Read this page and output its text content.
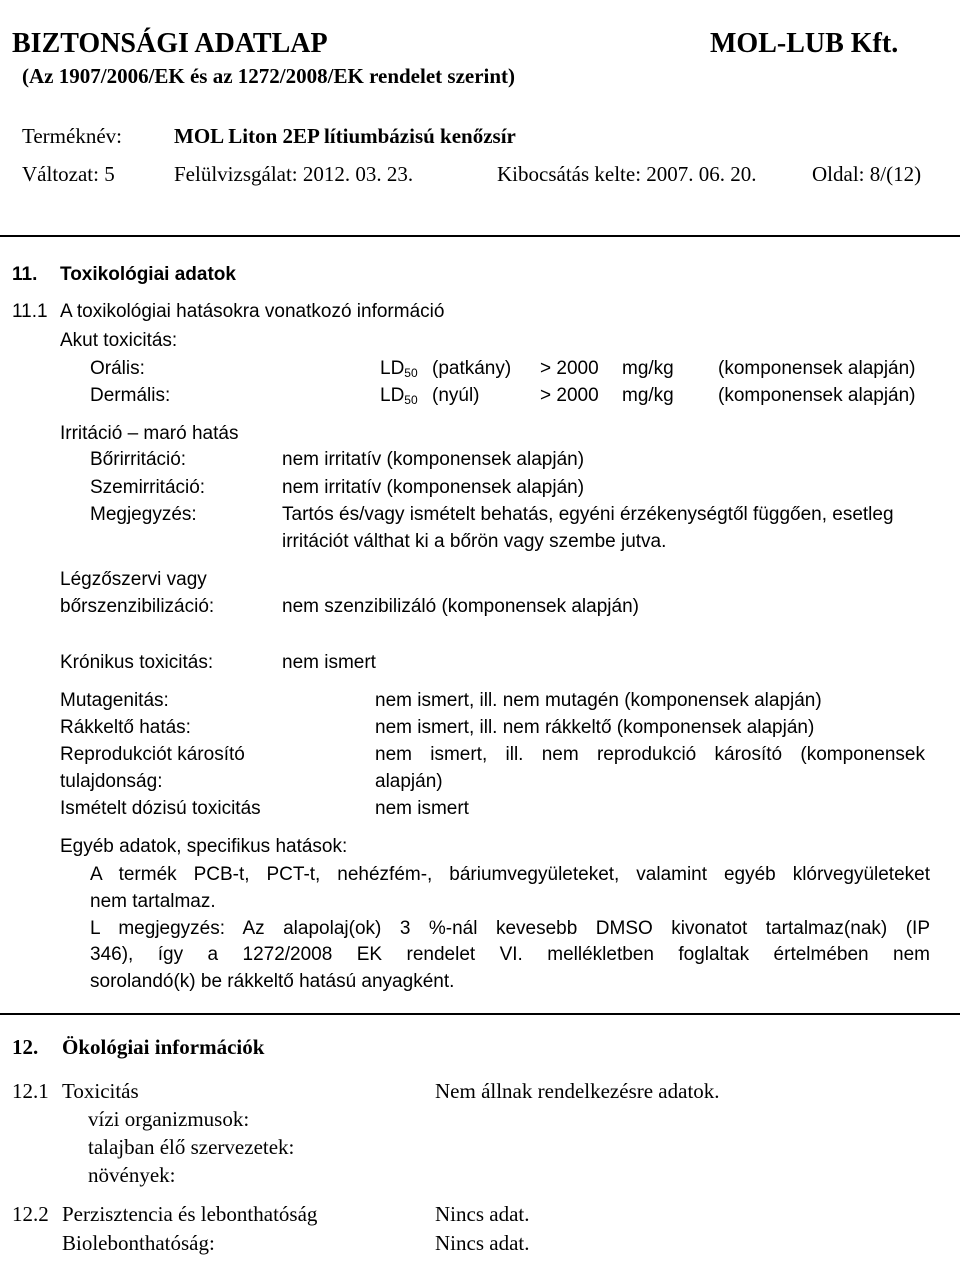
BIZTONSÁGI ADATLAP	MOL-LUB Kft.
(Az 1907/2006/EK és az 1272/2008/EK rendelet szerint)
Terméknév: MOL Liton 2EP lítiumbázisú kenőzsír
Változat: 5	Felülvizsgálat: 2012. 03. 23.	Kibocsátás kelte: 2007. 06. 20.	Oldal: 8/(12)
11. Toxikológiai adatok
11.1 A toxikológiai hatásokra vonatkozó információ
Akut toxicitás:
Orális:	$LD_{50}$ (patkány) > 2000 mg/kg (komponensek alapján)
Dermális:	$LD_{50}$ (nyúl)	> 2000 mg/kg (komponensek alapján)
Irritáció – maró hatás
Bőrirritáció:	nem irritatív (komponensek alapján)
Szemirritáció:	nem irritatív (komponensek alapján)
Megjegyzés:	Tartós és/vagy ismételt behatás, egyéni érzékenységtől függően, esetleg
irritációt válthat ki a bőrön vagy szembe jutva.
Légzőszervi vagy
bőrszenzibilizáció:	nem szenzibilizáló (komponensek alapján)
Krónikus toxicitás:	nem ismert
Mutagenitás:	nem ismert, ill. nem mutagén (komponensek alapján)
Rákkeltő hatás:	nem ismert, ill. nem rákkeltő (komponensek alapján)
Reprodukciót károsító	nem ismert, ill. nem reprodukció károsító (komponensek
tulajdonság:	alapján)
Ismételt dózisú toxicitás	nem ismert
Egyéb adatok, specifikus hatások:
A termék PCB-t, PCT-t, nehézfém-, báriumvegyületeket, valamint egyéb klórvegyületeket
nem tartalmaz.
L megjegyzés: Az alapolaj(ok) 3 %-nál kevesebb DMSO kivonatot tartalmaz(nak) (IP
346), így a 1272/2008 EK rendelet VI. mellékletben foglaltak értelmében nem
sorolandó(k) be rákkeltő hatású anyagként.
12. Ökológiai információk
12.1 Toxicitás	Nem állnak rendelkezésre adatok.
vízi organizmusok:
talajban élő szervezetek:
növények:
12.2 Perzisztencia és lebonthatóság	Nincs adat.
Biolebonthatóság:	Nincs adat.
